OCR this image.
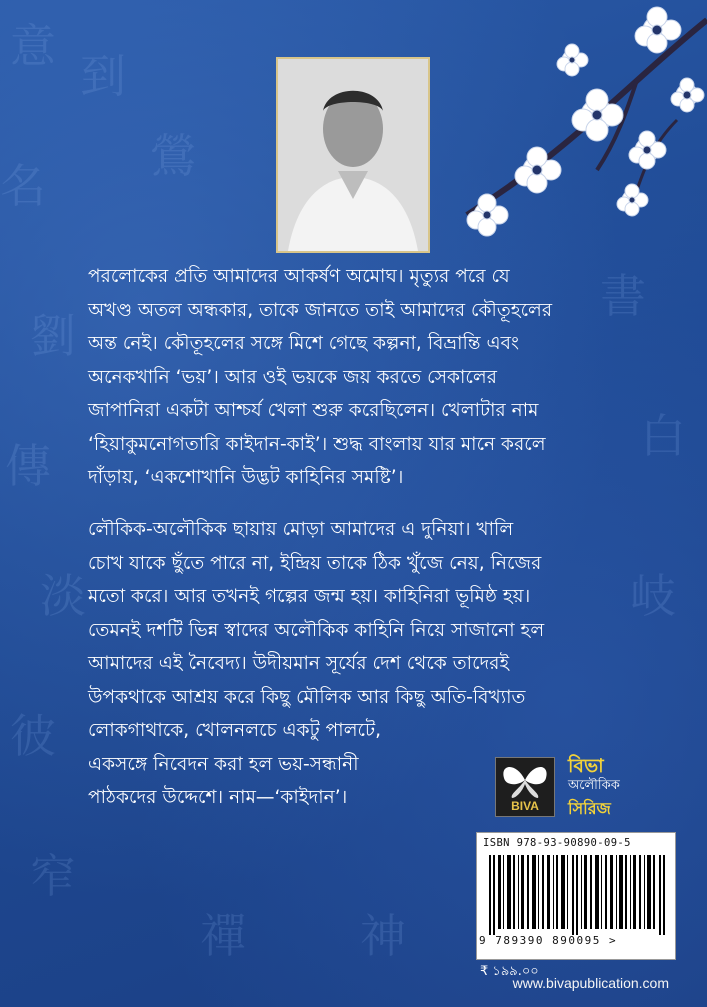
意
到
名
劉
傳
淡
彼
窄
鶯
禪
白
岐
書
神

পরলোকের প্রতি আমাদের আকর্ষণ অমোঘ। মৃত্যুর পরে যে
অখণ্ড অতল অন্ধকার, তাকে জানতে তাই আমাদের কৌতূহলের
অন্ত নেই। কৌতূহলের সঙ্গে মিশে গেছে কল্পনা, বিভ্রান্তি এবং
অনেকখানি ‘ভয়’। আর ওই ভয়কে জয় করতে সেকালের
জাপানিরা একটা আশ্চর্য খেলা শুরু করেছিলেন। খেলাটার নাম
‘হিয়াকুমনোগতারি কাইদান-কাই’। শুদ্ধ বাংলায় যার মানে করলে
দাঁড়ায়, ‘একশোখানি উদ্ভট কাহিনির সমষ্টি’।

লৌকিক-অলৌকিক ছায়ায় মোড়া আমাদের এ দুনিয়া। খালি
চোখ যাকে ছুঁতে পারে না, ইন্দ্রিয় তাকে ঠিক খুঁজে নেয়, নিজের
মতো করে। আর তখনই গল্পের জন্ম হয়। কাহিনিরা ভূমিষ্ঠ হয়।
তেমনই দশটি ভিন্ন স্বাদের অলৌকিক কাহিনি নিয়ে সাজানো হল
আমাদের এই নৈবেদ্য। উদীয়মান সূর্যের দেশ থেকে তাদেরই
উপকথাকে আশ্রয় করে কিছু মৌলিক আর কিছু অতি-বিখ্যাত
লোকগাথাকে, খোলনলচে একটু পালটে,
একসঙ্গে নিবেদন করা হল ভয়-সন্ধানী
পাঠকদের উদ্দেশে। নাম—‘কাইদান’।	BIVA
বিভা
অলৌকিক
সিরিজ
ISBN 978-93-90890-09-5
9 789390 890095 >
₹ ১৯৯.০০
www.bivapublication.com
